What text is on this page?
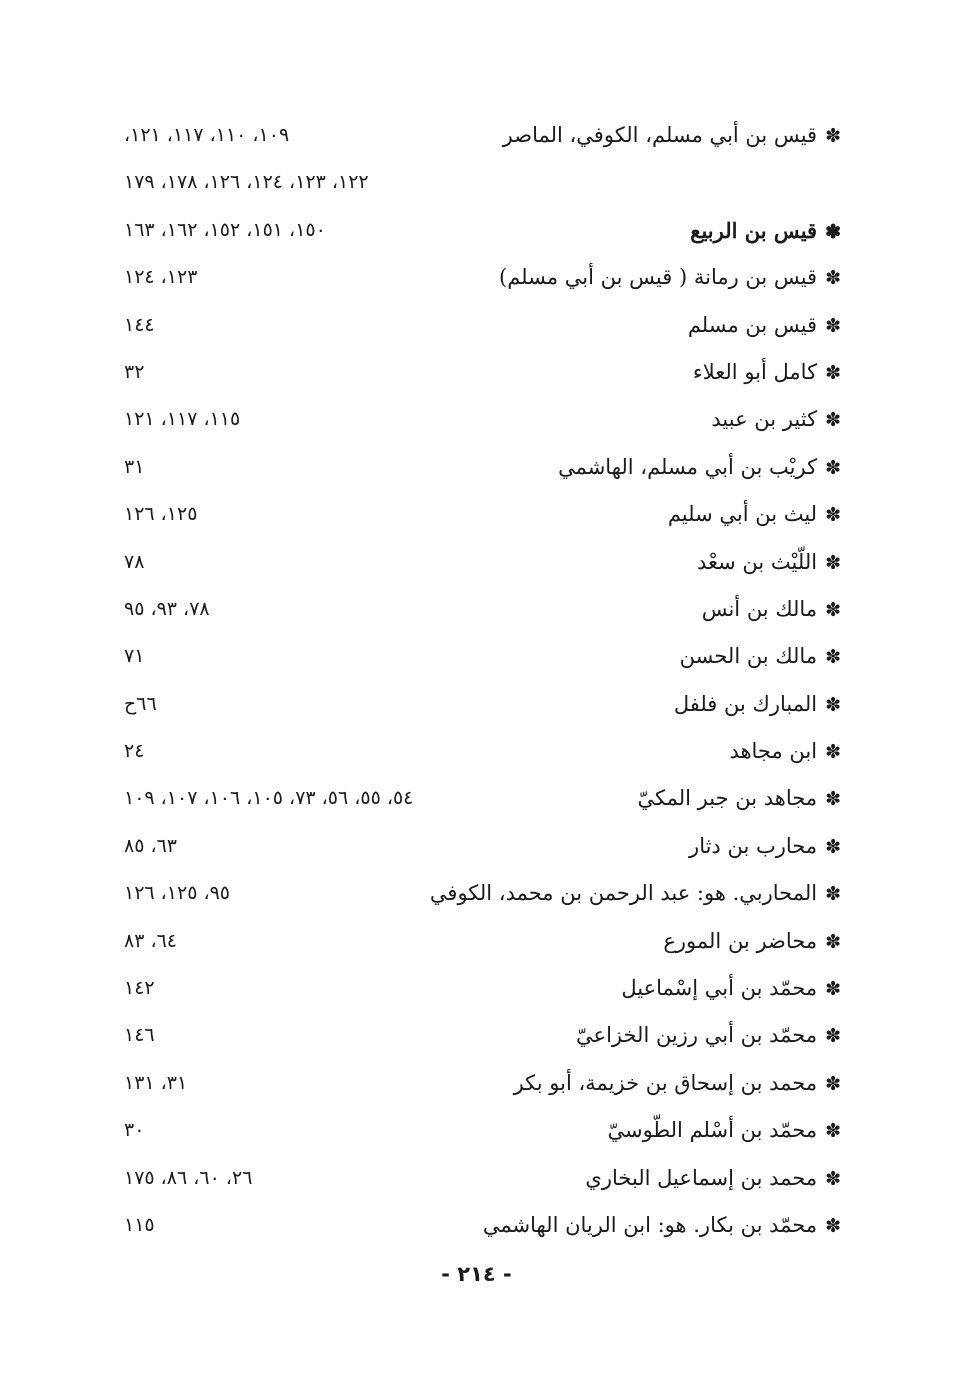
✽قيس بن أبي مسلم، الكوفي، الماصر
١٠٩، ١١٠، ١١٧، ١٢١،
١٢٢، ١٢٣، ١٢٤، ١٢٦، ١٧٨، ١٧٩
✽قيس بن الربيع
١٥٠، ١٥١، ١٥٢، ١٦٢، ١٦٣
✽قيس بن رمانة ( قيس بن أبي مسلم)
١٢٣، ١٢٤
✽قيس بن مسلم
١٤٤
✽كامل أبو العلاء
٣٢
✽كثير بن عبيد
١١٥، ١١٧، ١٢١
✽كريْب بن أبي مسلم، الهاشمي
٣١
✽ليث بن أبي سليم
١٢٥، ١٢٦
✽اللّيْث بن سعْد
٧٨
✽مالك بن أنس
٧٨، ٩٣، ٩٥
✽مالك بن الحسن
٧١
✽المبارك بن فلفل
٦٦ح
✽ابن مجاهد
٢٤
✽مجاهد بن جبر المكيّ
٥٤، ٥٥، ٥٦، ٧٣، ١٠٥، ١٠٦، ١٠٧، ١٠٩
✽محارب بن دثار
٦٣، ٨٥
✽المحاربي. هو: عبد الرحمن بن محمد، الكوفي
٩٥، ١٢٥، ١٢٦
✽محاضر بن المورع
٦٤، ٨٣
✽محمّد بن أبي إسْماعيل
١٤٢
✽محمّد بن أبي رزين الخزاعيّ
١٤٦
✽محمد بن إسحاق بن خزيمة، أبو بكر
٣١، ١٣١
✽محمّد بن أسْلم الطّوسيّ
٣٠
✽محمد بن إسماعيل البخاري
٢٦، ٦٠، ٨٦، ١٧٥
✽محمّد بن بكار. هو: ابن الريان الهاشمي
١١٥
- ٢١٤ -
